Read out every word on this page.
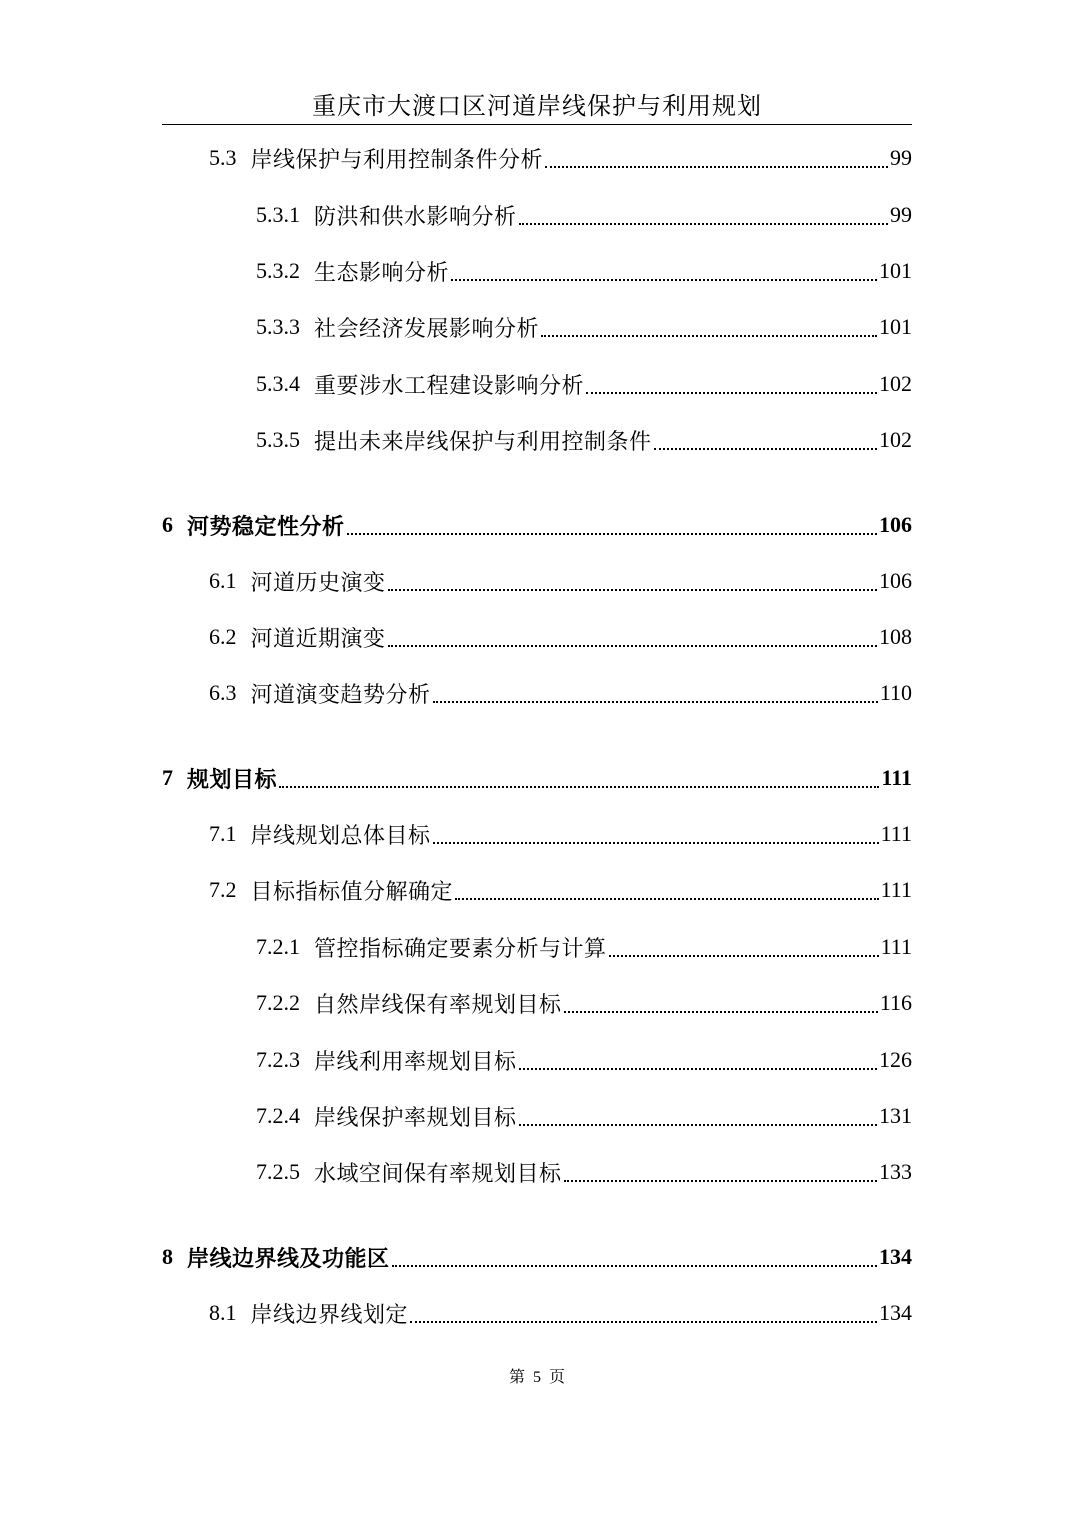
重庆市大渡口区河道岸线保护与利用规划
5.3 岸线保护与利用控制条件分析	99
5.3.1 防洪和供水影响分析	99
5.3.2 生态影响分析	101
5.3.3 社会经济发展影响分析	101
5.3.4 重要涉水工程建设影响分析	102
5.3.5 提出未来岸线保护与利用控制条件	102
6 河势稳定性分析	106
6.1 河道历史演变	106
6.2 河道近期演变	108
6.3 河道演变趋势分析	110
7 规划目标	111
7.1 岸线规划总体目标	111
7.2 目标指标值分解确定	111
7.2.1 管控指标确定要素分析与计算	111
7.2.2 自然岸线保有率规划目标	116
7.2.3 岸线利用率规划目标	126
7.2.4 岸线保护率规划目标	131
7.2.5 水域空间保有率规划目标	133
8 岸线边界线及功能区	134
8.1 岸线边界线划定	134
第 5 页
